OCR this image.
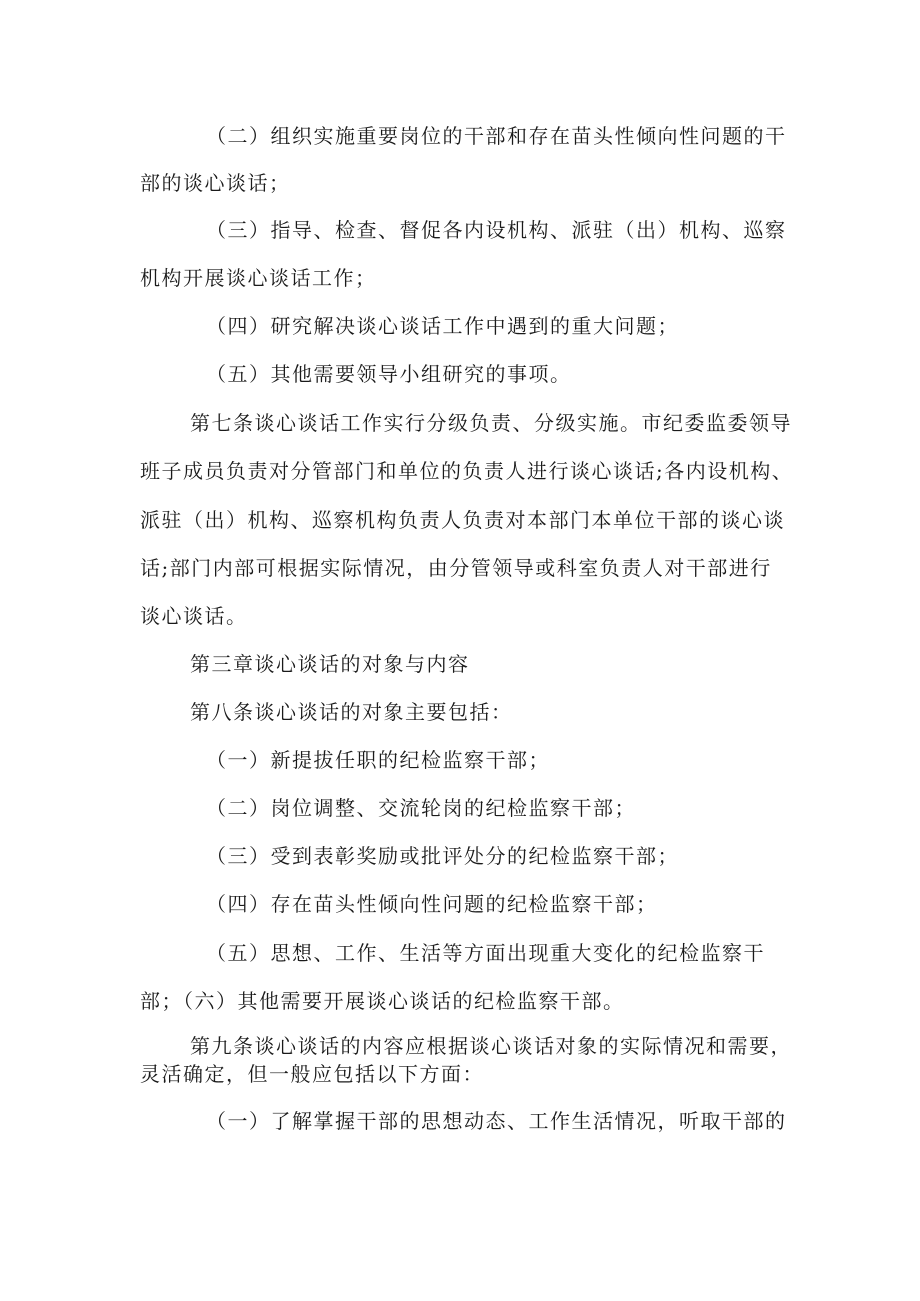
（二）组织实施重要岗位的干部和存在苗头性倾向性问题的干
部的谈心谈话；
（三）指导、检查、督促各内设机构、派驻（出）机构、巡察
机构开展谈心谈话工作；
（四）研究解决谈心谈话工作中遇到的重大问题；
（五）其他需要领导小组研究的事项。
第七条谈心谈话工作实行分级负责、分级实施。市纪委监委领导
班子成员负责对分管部门和单位的负责人进行谈心谈话;各内设机构、
派驻（出）机构、巡察机构负责人负责对本部门本单位干部的谈心谈
话;部门内部可根据实际情况，由分管领导或科室负责人对干部进行
谈心谈话。
第三章谈心谈话的对象与内容
第八条谈心谈话的对象主要包括：
（一）新提拔任职的纪检监察干部；
（二）岗位调整、交流轮岗的纪检监察干部；
（三）受到表彰奖励或批评处分的纪检监察干部；
（四）存在苗头性倾向性问题的纪检监察干部；
（五）思想、工作、生活等方面出现重大变化的纪检监察干
部；（六）其他需要开展谈心谈话的纪检监察干部。
第九条谈心谈话的内容应根据谈心谈话对象的实际情况和需要，
灵活确定，但一般应包括以下方面：
（一）了解掌握干部的思想动态、工作生活情况，听取干部的
